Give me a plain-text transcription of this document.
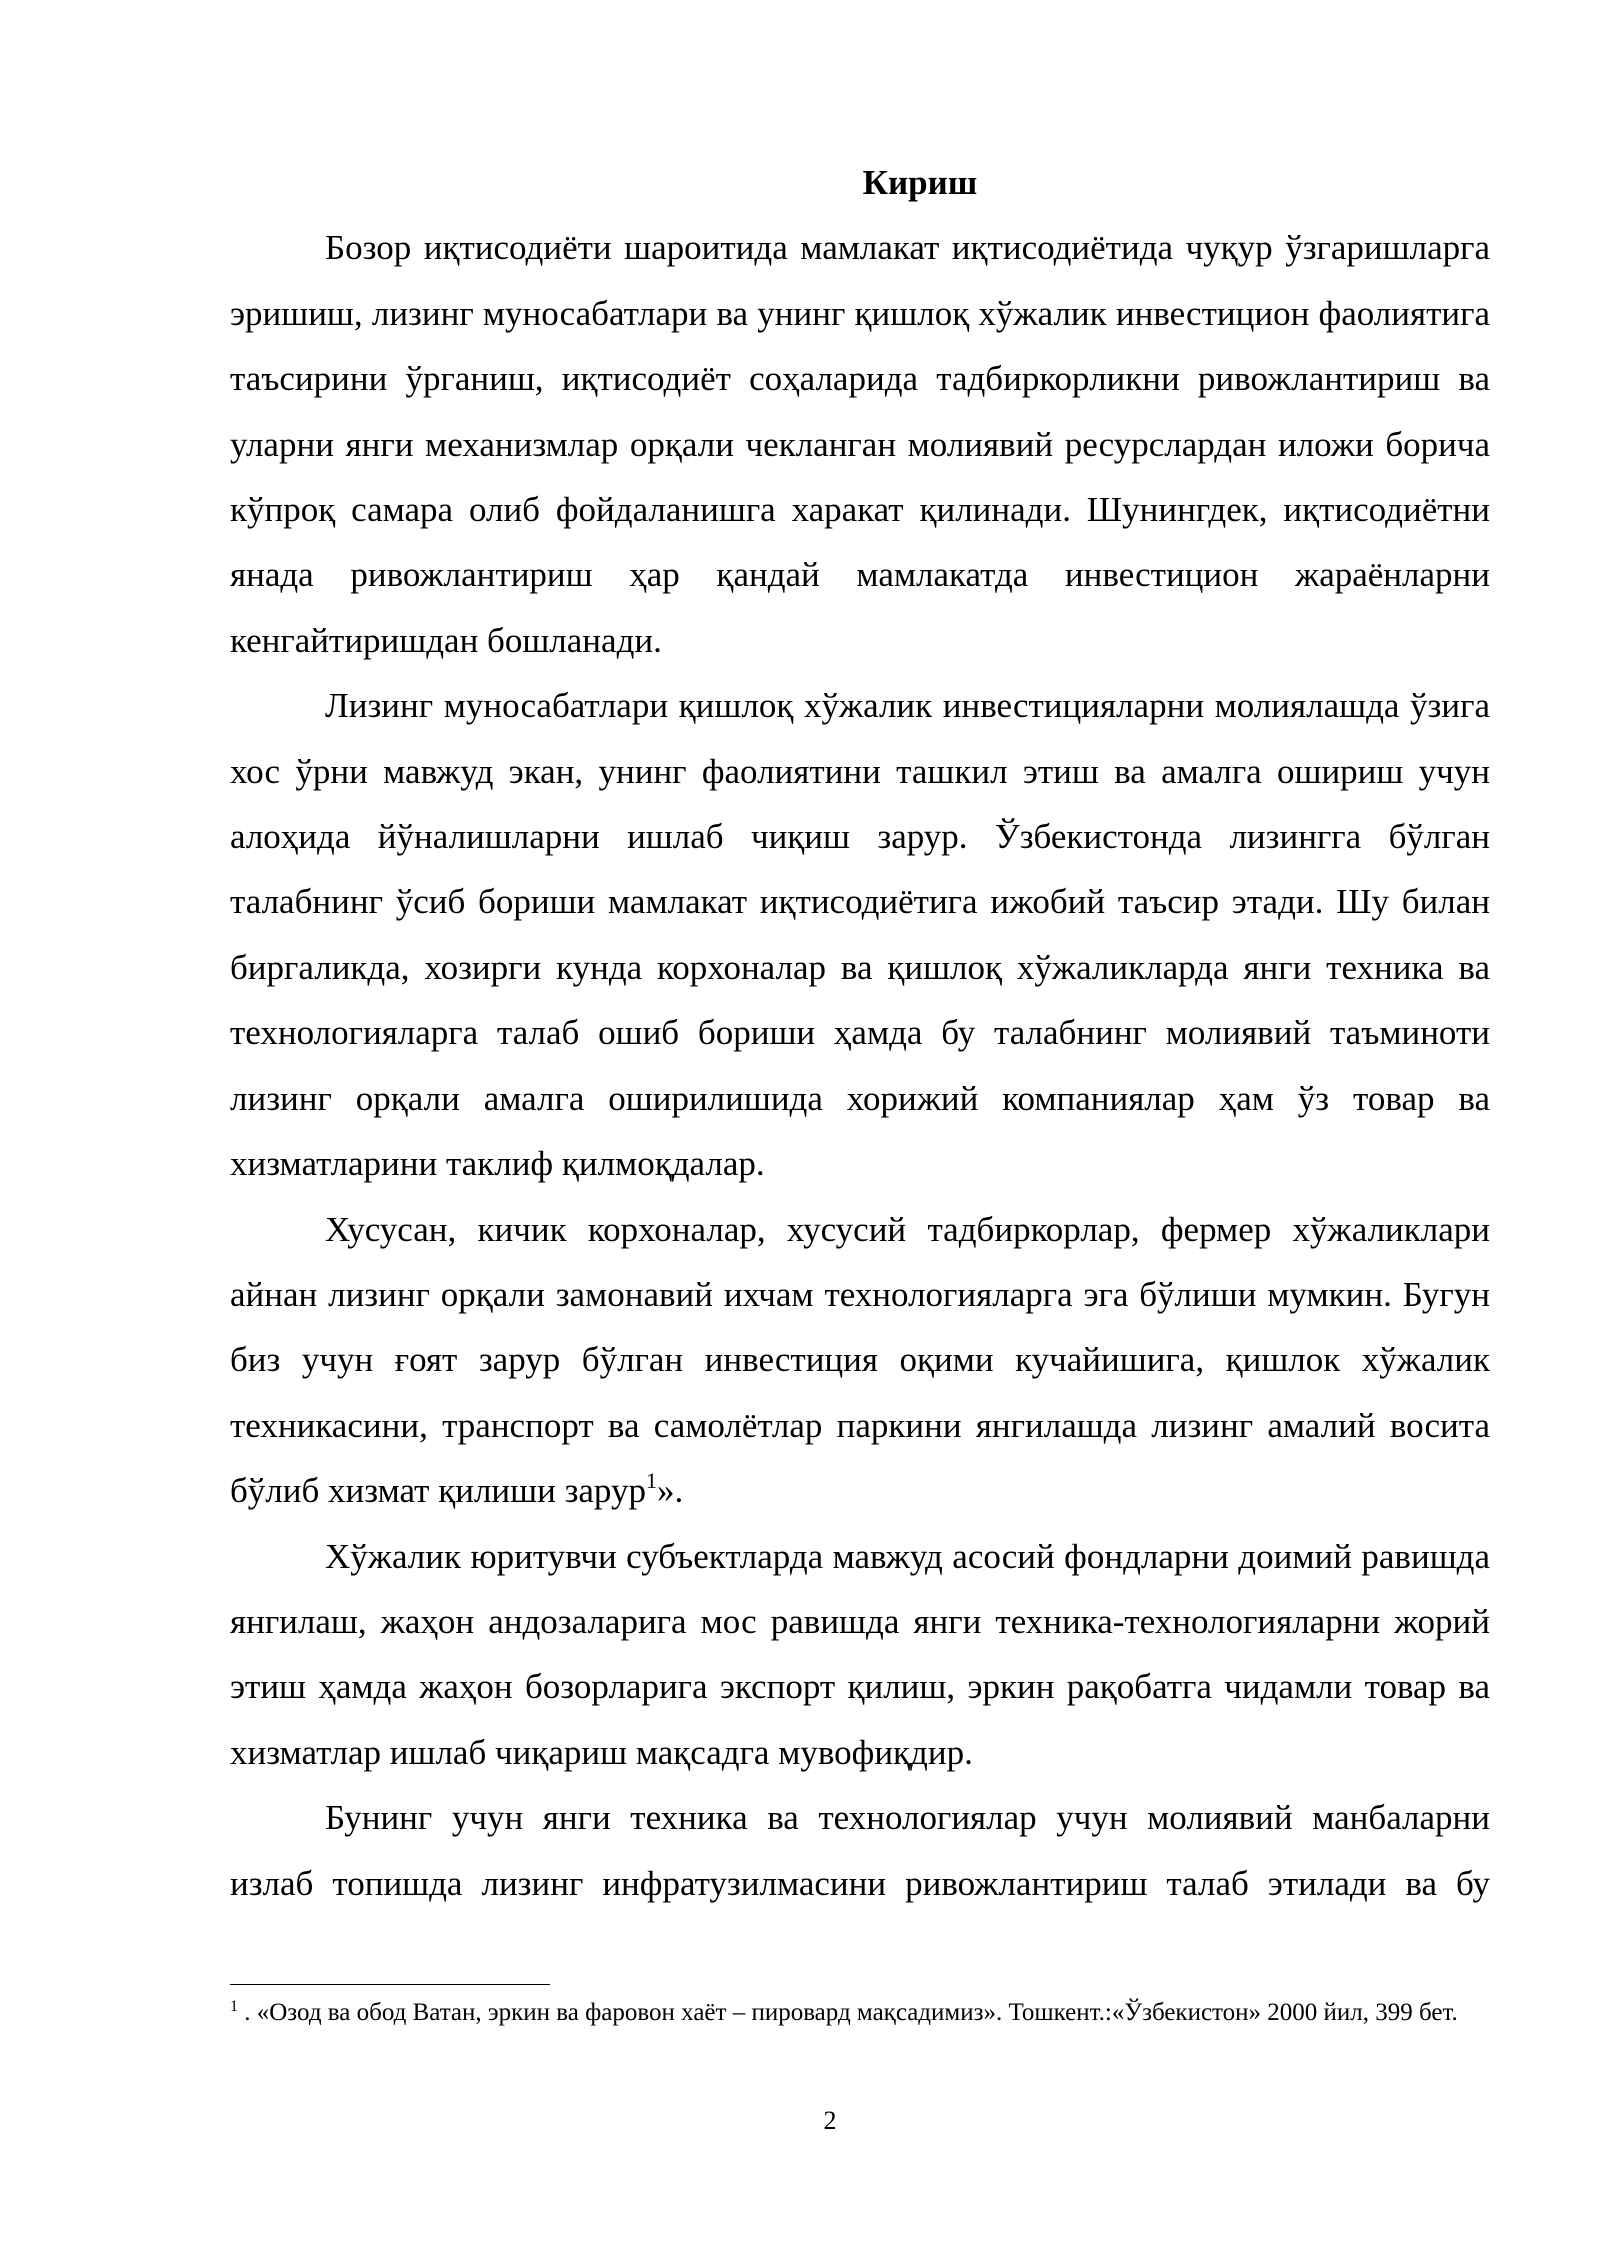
Кириш

Бозор иқтисодиёти шароитида мамлакат иқтисодиётида чуқур ўзгаришларга эришиш, лизинг муносабатлари ва унинг қишлоқ хўжалик инвестицион фаолиятига таъсирини ўрганиш, иқтисодиёт соҳаларида тадбиркорликни ривожлантириш ва уларни янги механизмлар орқали чекланган молиявий ресурслардан иложи борича кўпроқ самара олиб фойдаланишга харакат қилинади. Шунингдек, иқтисодиётни янада ривожлантириш ҳар қандай мамлакатда инвестицион жараёнларни кенгайтиришдан бошланади.

Лизинг муносабатлари қишлоқ хўжалик инвестицияларни молиялашда ўзига хос ўрни мавжуд экан, унинг фаолиятини ташкил этиш ва амалга ошириш учун алоҳида йўналишларни ишлаб чиқиш зарур. Ўзбекистонда лизингга бўлган талабнинг ўсиб бориши мамлакат иқтисодиётига ижобий таъсир этади. Шу билан биргаликда, хозирги кунда корхоналар ва қишлоқ хўжаликларда янги техника ва технологияларга талаб ошиб бориши ҳамда бу талабнинг молиявий таъминоти лизинг орқали амалга оширилишида хорижий компаниялар ҳам ўз товар ва хизматларини таклиф қилмоқдалар.

Хусусан, кичик корхоналар, хусусий тадбиркорлар, фермер хўжаликлари айнан лизинг орқали замонавий ихчам технологияларга эга бўлиши мумкин. Бугун биз учун ғоят зарур бўлган инвестиция оқими кучайишига, қишлок хўжалик техникасини, транспорт ва самолётлар паркини янгилашда лизинг амалий восита бўлиб хизмат қилиши зарур$^1$».

Хўжалик юритувчи субъектларда мавжуд асосий фондларни доимий равишда янгилаш, жаҳон андозаларига мос равишда янги техника-технологияларни жорий этиш ҳамда жаҳон бозорларига экспорт қилиш, эркин рақобатга чидамли товар ва хизматлар ишлаб чиқариш мақсадга мувофиқдир.

Бунинг учун янги техника ва технологиялар учун молиявий манбаларни излаб топишда лизинг инфратузилмасини ривожлантириш талаб этилади ва бу

$^1$ . «Озод ва обод Ватан, эркин ва фаровон хаёт – пировард мақсадимиз». Тошкент.:«Ўзбекистон» 2000 йил, 399 бет.

2
